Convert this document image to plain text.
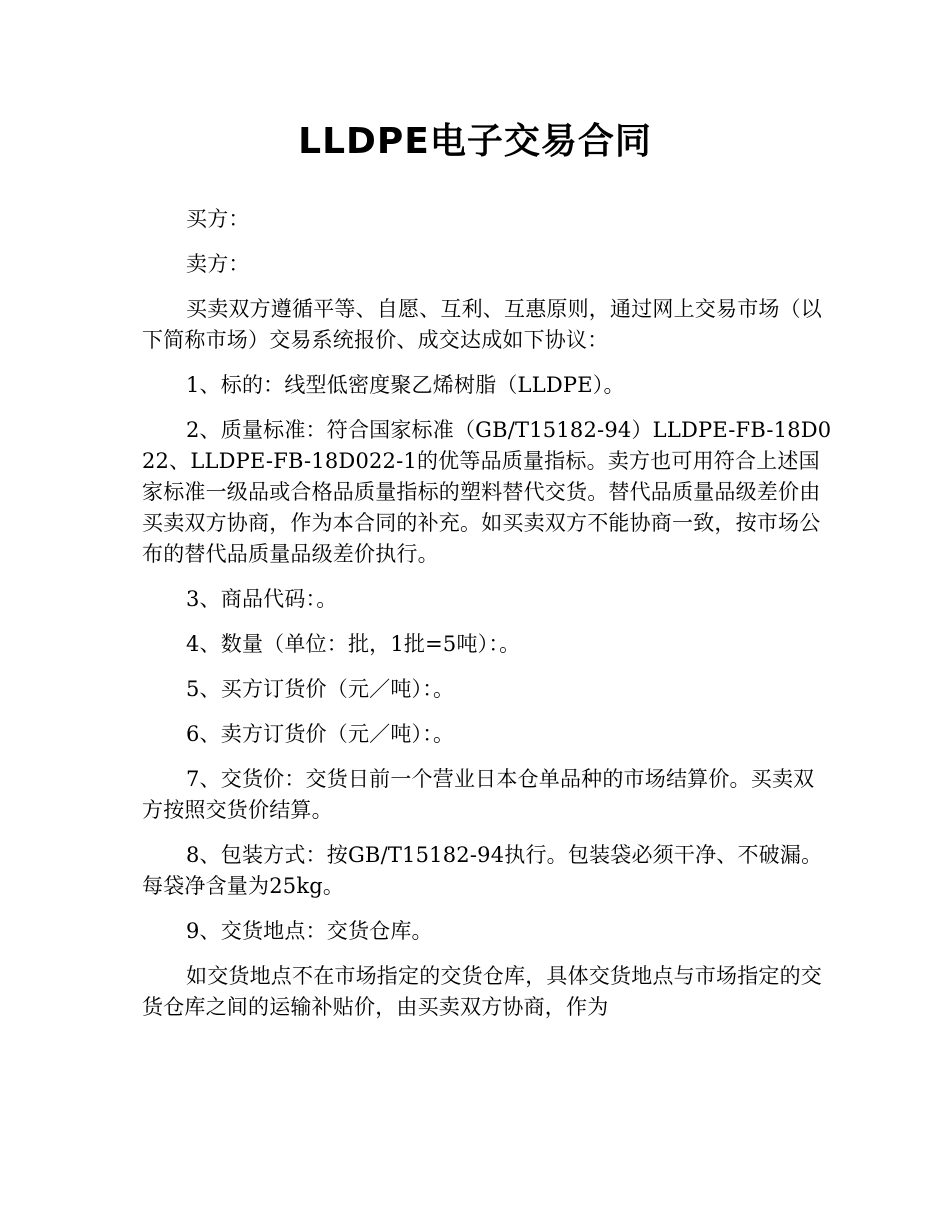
LLDPE电子交易合同

买方：

卖方：

买卖双方遵循平等、自愿、互利、互惠原则，通过网上交易市场（以下简称市场）交易系统报价、成交达成如下协议：

1、标的：线型低密度聚乙烯树脂（LLDPE）。

2、质量标准：符合国家标准（GB/T15182-94）LLDPE-FB-18D022、LLDPE-FB-18D022-1的优等品质量指标。卖方也可用符合上述国家标准一级品或合格品质量指标的塑料替代交货。替代品质量品级差价由买卖双方协商，作为本合同的补充。如买卖双方不能协商一致，按市场公布的替代品质量品级差价执行。

3、商品代码：。

4、数量（单位：批，1批=5吨）：。

5、买方订货价（元／吨）：。

6、卖方订货价（元／吨）：。

7、交货价：交货日前一个营业日本仓单品种的市场结算价。买卖双方按照交货价结算。

8、包装方式：按GB/T15182-94执行。包装袋必须干净、不破漏。每袋净含量为25kg。

9、交货地点：交货仓库。

如交货地点不在市场指定的交货仓库，具体交货地点与市场指定的交货仓库之间的运输补贴价，由买卖双方协商，作为
